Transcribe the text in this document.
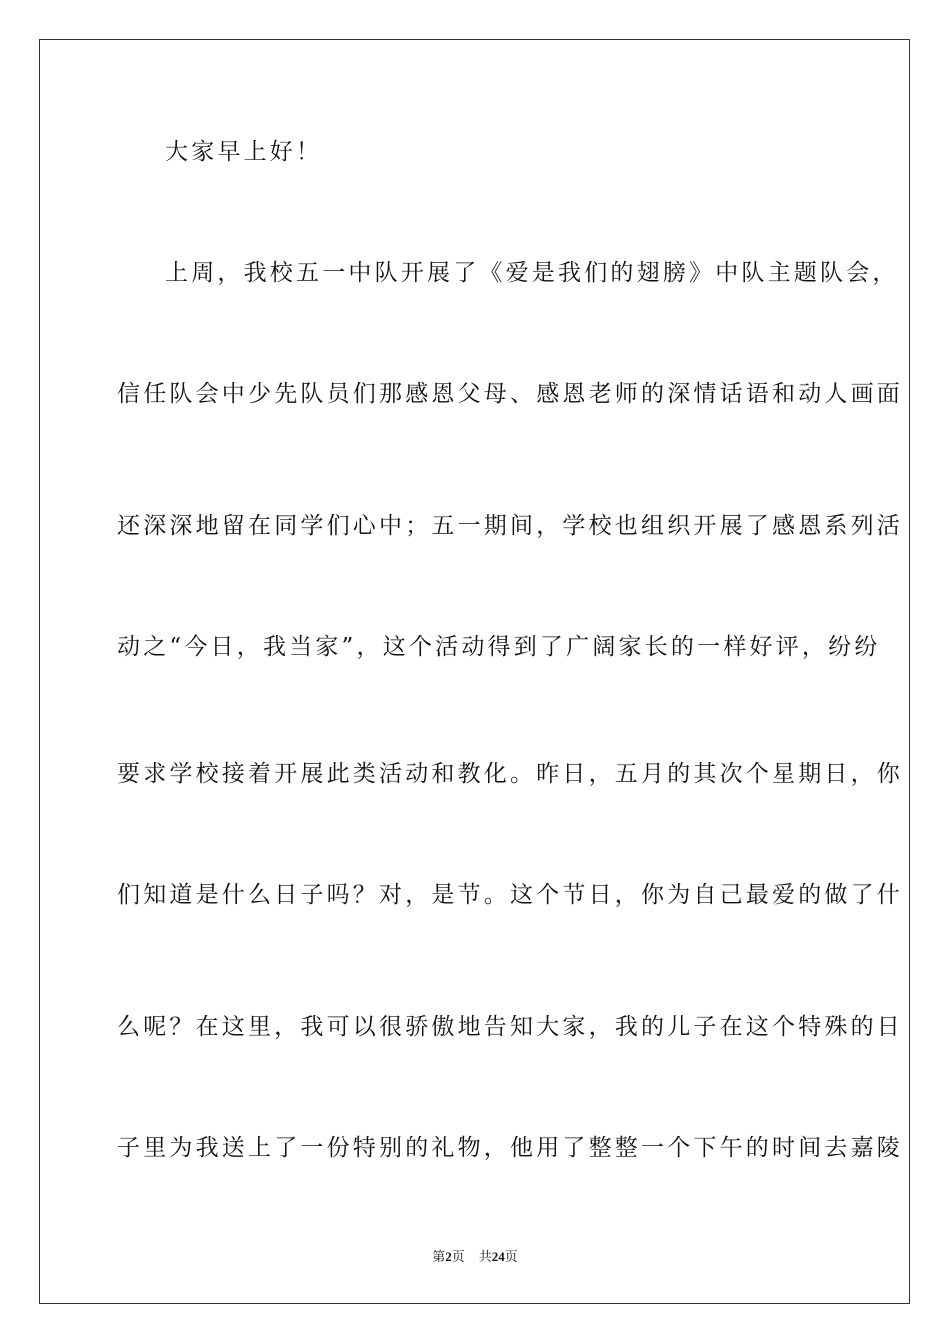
大家早上好！
上周，我校五一中队开展了《爱是我们的翅膀》中队主题队会，
信任队会中少先队员们那感恩父母、感恩老师的深情话语和动人画面
还深深地留在同学们心中；五一期间，学校也组织开展了感恩系列活
动之“今日，我当家”，这个活动得到了广阔家长的一样好评，纷纷
要求学校接着开展此类活动和教化。昨日，五月的其次个星期日，你
们知道是什么日子吗？对，是节。这个节日，你为自己最爱的做了什
么呢？在这里，我可以很骄傲地告知大家，我的儿子在这个特殊的日
子里为我送上了一份特别的礼物，他用了整整一个下午的时间去嘉陵
第2页 共24页
